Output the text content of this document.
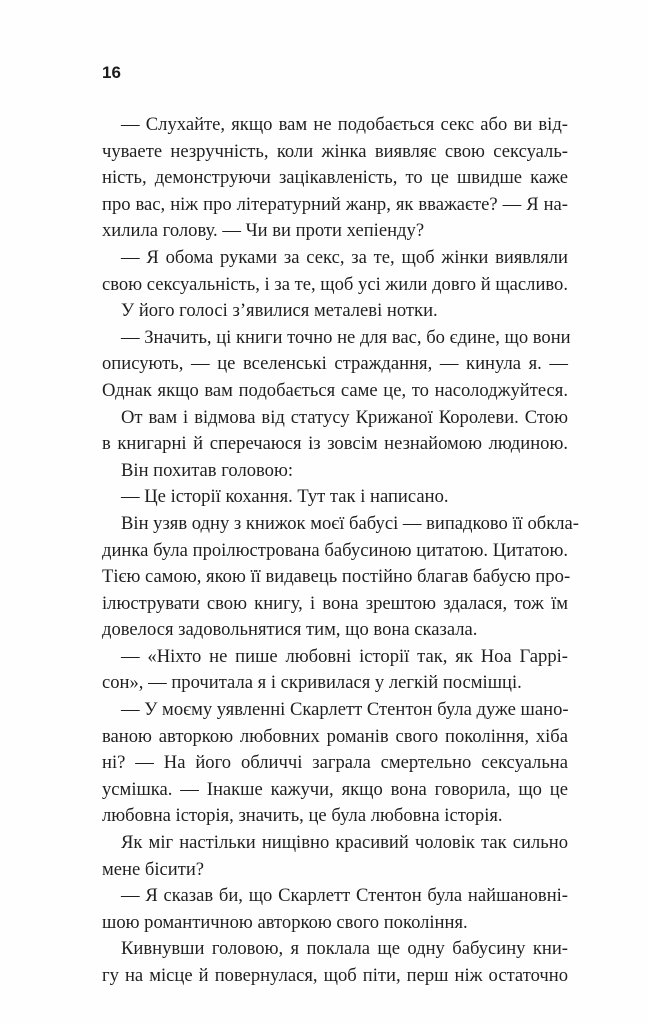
16

— Слухайте, якщо вам не подобається секс або ви від-
чуваете незручність, коли жінка виявляє свою сексуаль-
ність, демонструючи зацікавленість, то це швидше каже
про вас, ніж про літературний жанр, як вважаєте? — Я на-
хилила голову. — Чи ви проти хепіенду?
— Я обома руками за секс, за те, щоб жінки виявляли
свою сексуальність, і за те, щоб усі жили довго й щасливо.
У його голосі з’явилися металеві нотки.
— Значить, ці книги точно не для вас, бо єдине, що вони
описують, — це вселенські страждання, — кинула я. —
Однак якщо вам подобається саме це, то насолоджуйтеся.
От вам і відмова від статусу Крижаної Королеви. Стою
в книгарні й сперечаюся із зовсім незнайомою людиною.
Він похитав головою:
— Це історії кохання. Тут так і написано.
Він узяв одну з книжок моєї бабусі — випадково її обкла-
динка була проілюстрована бабусиною цитатою. Цитатою.
Тією самою, якою її видавець постійно благав бабусю про-
ілюструвати свою книгу, і вона зрештою здалася, тож їм
довелося задовольнятися тим, що вона сказала.
— «Ніхто не пише любовні історії так, як Ноа Гаррі-
сон», — прочитала я і скривилася у легкій посмішці.
— У моєму уявленні Скарлетт Стентон була дуже шано-
ваною авторкою любовних романів свого покоління, хіба
ні? — На його обличчі заграла смертельно сексуальна
усмішка. — Інакше кажучи, якщо вона говорила, що це
любовна історія, значить, це була любовна історія.
Як міг настільки нищівно красивий чоловік так сильно
мене бісити?
— Я сказав би, що Скарлетт Стентон була найшановні-
шою романтичною авторкою свого покоління.
Кивнувши головою, я поклала ще одну бабусину кни-
гу на місце й повернулася, щоб піти, перш ніж остаточно
